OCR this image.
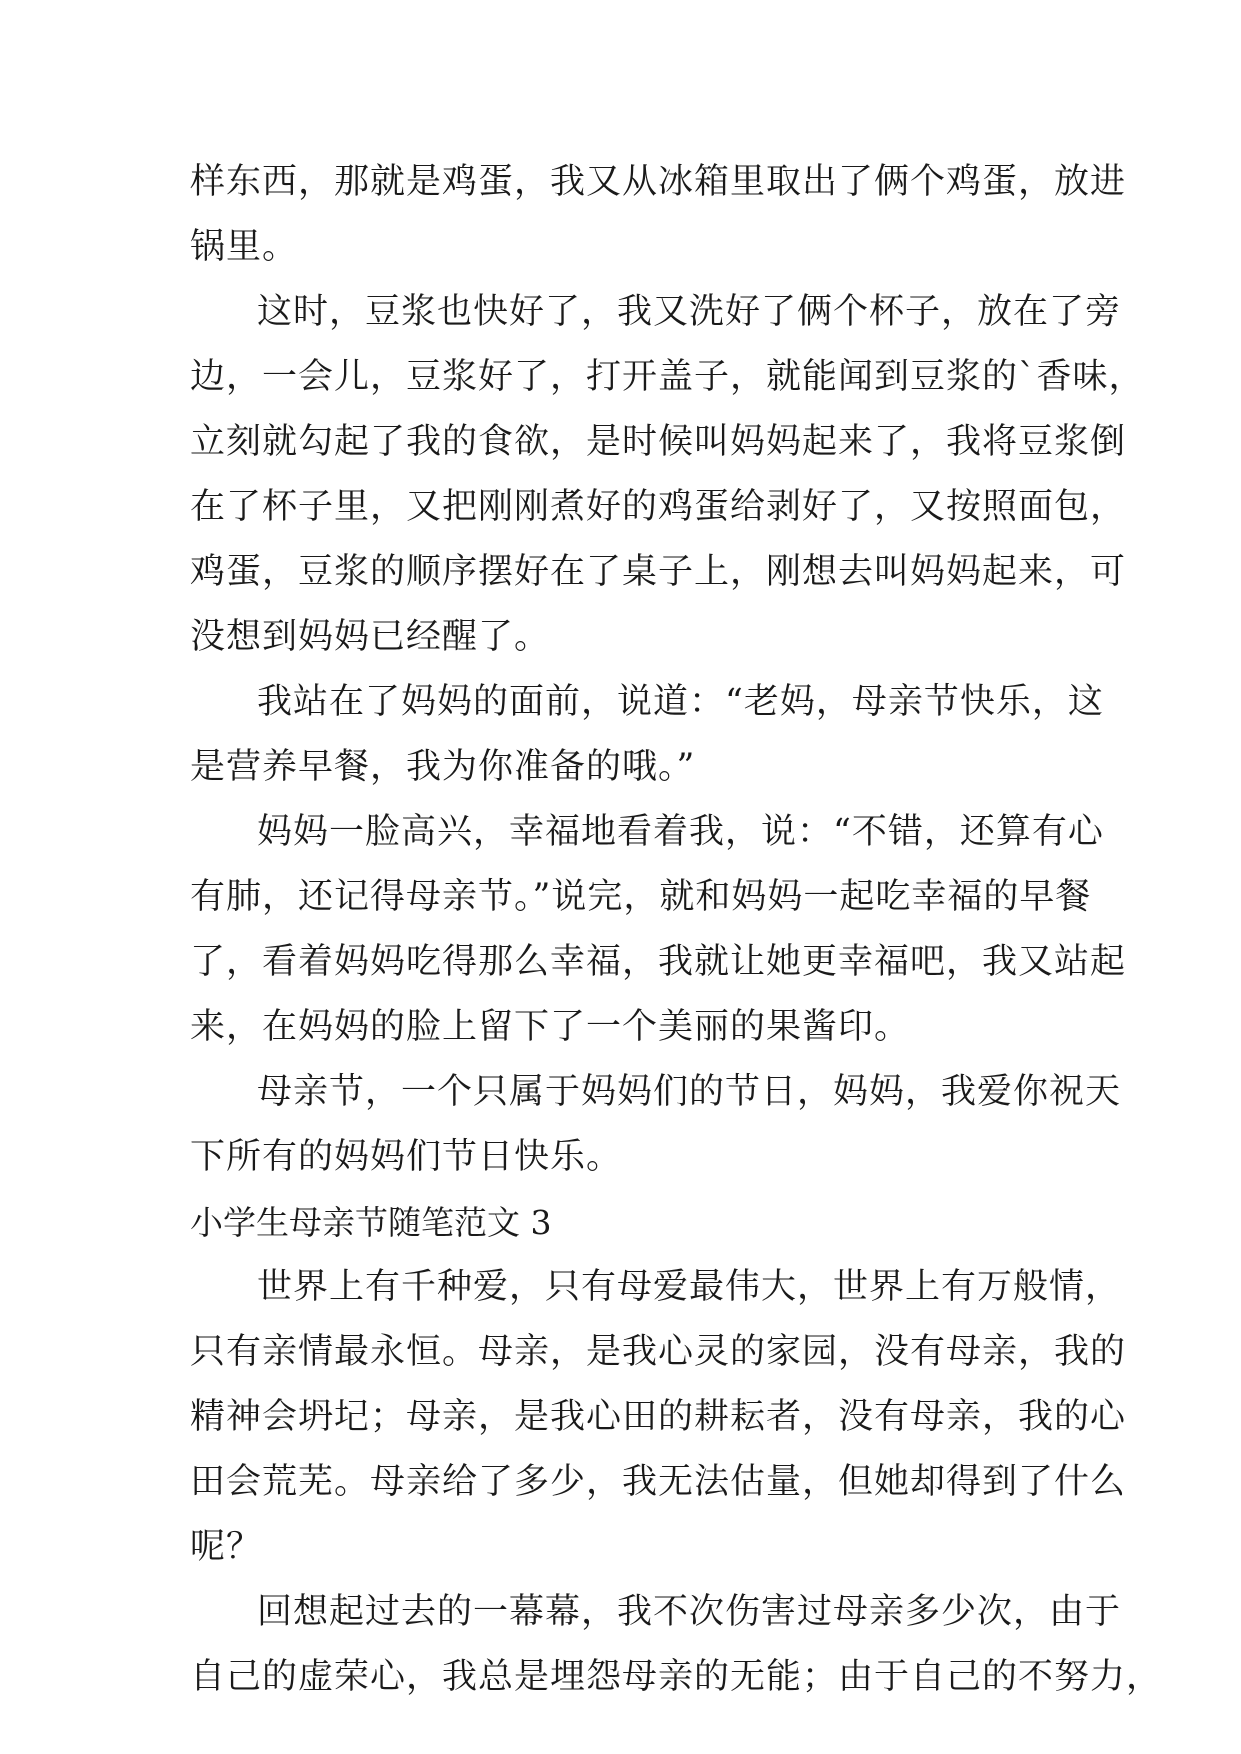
样东西，那就是鸡蛋，我又从冰箱里取出了俩个鸡蛋，放进
锅里。
这时，豆浆也快好了，我又洗好了俩个杯子，放在了旁
边，一会儿，豆浆好了，打开盖子，就能闻到豆浆的`香味，
立刻就勾起了我的食欲，是时候叫妈妈起来了，我将豆浆倒
在了杯子里，又把刚刚煮好的鸡蛋给剥好了，又按照面包，
鸡蛋，豆浆的顺序摆好在了桌子上，刚想去叫妈妈起来，可
没想到妈妈已经醒了。
我站在了妈妈的面前，说道：“老妈，母亲节快乐，这
是营养早餐，我为你准备的哦。”
妈妈一脸高兴，幸福地看着我，说：“不错，还算有心
有肺，还记得母亲节。”说完，就和妈妈一起吃幸福的早餐
了，看着妈妈吃得那么幸福，我就让她更幸福吧，我又站起
来，在妈妈的脸上留下了一个美丽的果酱印。
母亲节，一个只属于妈妈们的节日，妈妈，我爱你祝天
下所有的妈妈们节日快乐。
小学生母亲节随笔范文 3
世界上有千种爱，只有母爱最伟大，世界上有万般情，
只有亲情最永恒。母亲，是我心灵的家园，没有母亲，我的
精神会坍圮；母亲，是我心田的耕耘者，没有母亲，我的心
田会荒芜。母亲给了多少，我无法估量，但她却得到了什么
呢？
回想起过去的一幕幕，我不次伤害过母亲多少次，由于
自己的虚荣心，我总是埋怨母亲的无能；由于自己的不努力，
